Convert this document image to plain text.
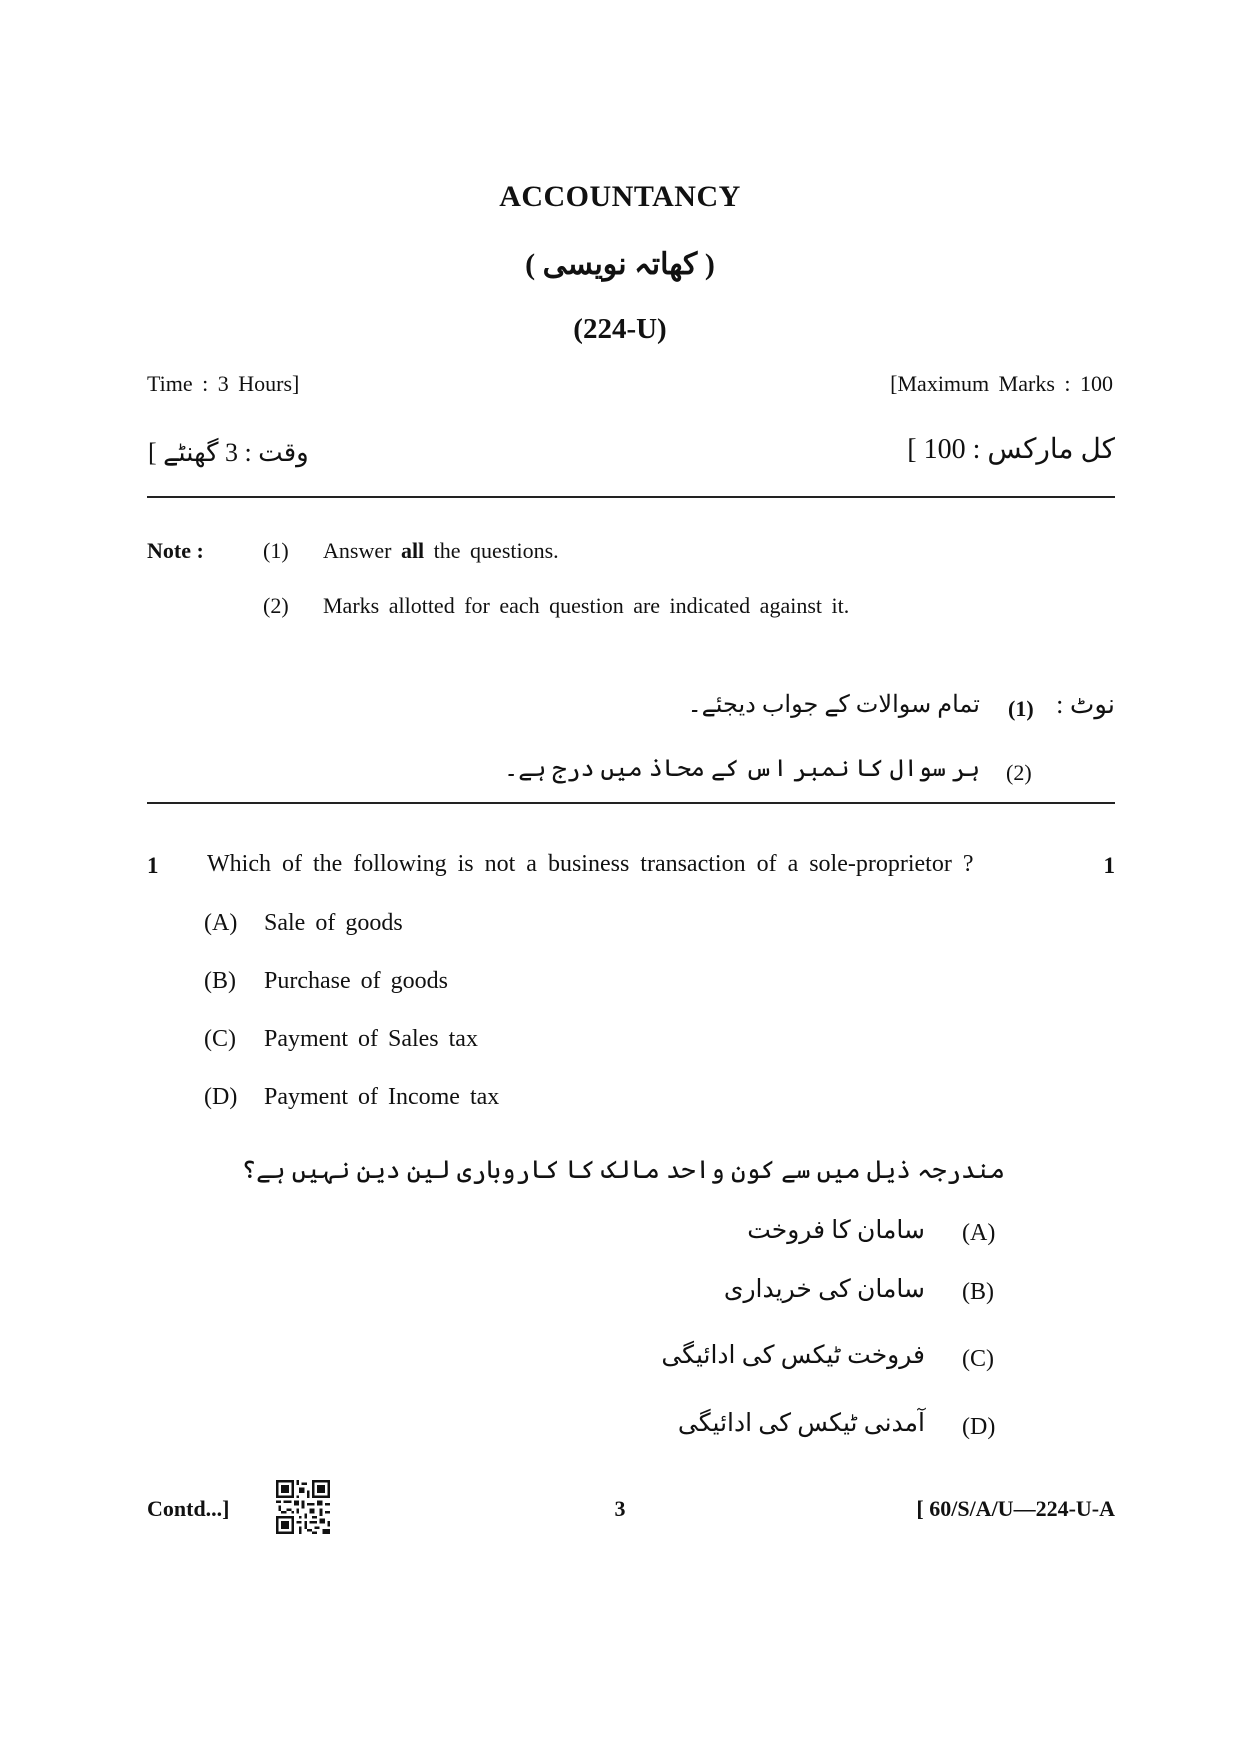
ACCOUNTANCY
( کھاتہ نویسی )
(224-U)
Time : 3 Hours]	[Maximum Marks : 100
وقت : 3 گھنٹے ]	کل مارکس : 100 ]
Note :	(1) Answer all the questions.
(2) Marks allotted for each question are indicated against it.
نوٹ :
(1)
تمام سوالات کے جواب دیجئے۔
(2)
ہر سوال کا نمبر اس کے محاذ میں درج ہے۔
1 Which of the following is not a business transaction of a sole-proprietor ?	1
(A) Sale of goods
(B) Purchase of goods
(C) Payment of Sales tax
(D) Payment of Income tax
مندرجہ ذیل میں سے کون واحد مالک کا کاروباری لین دین نہیں ہے؟
(A)
سامان کا فروخت
(B)
سامان کی خریداری
(C)
فروخت ٹیکس کی ادائیگی
(D)
آمدنی ٹیکس کی ادائیگی
Contd...]	3	[ 60/S/A/U—224-U-A
